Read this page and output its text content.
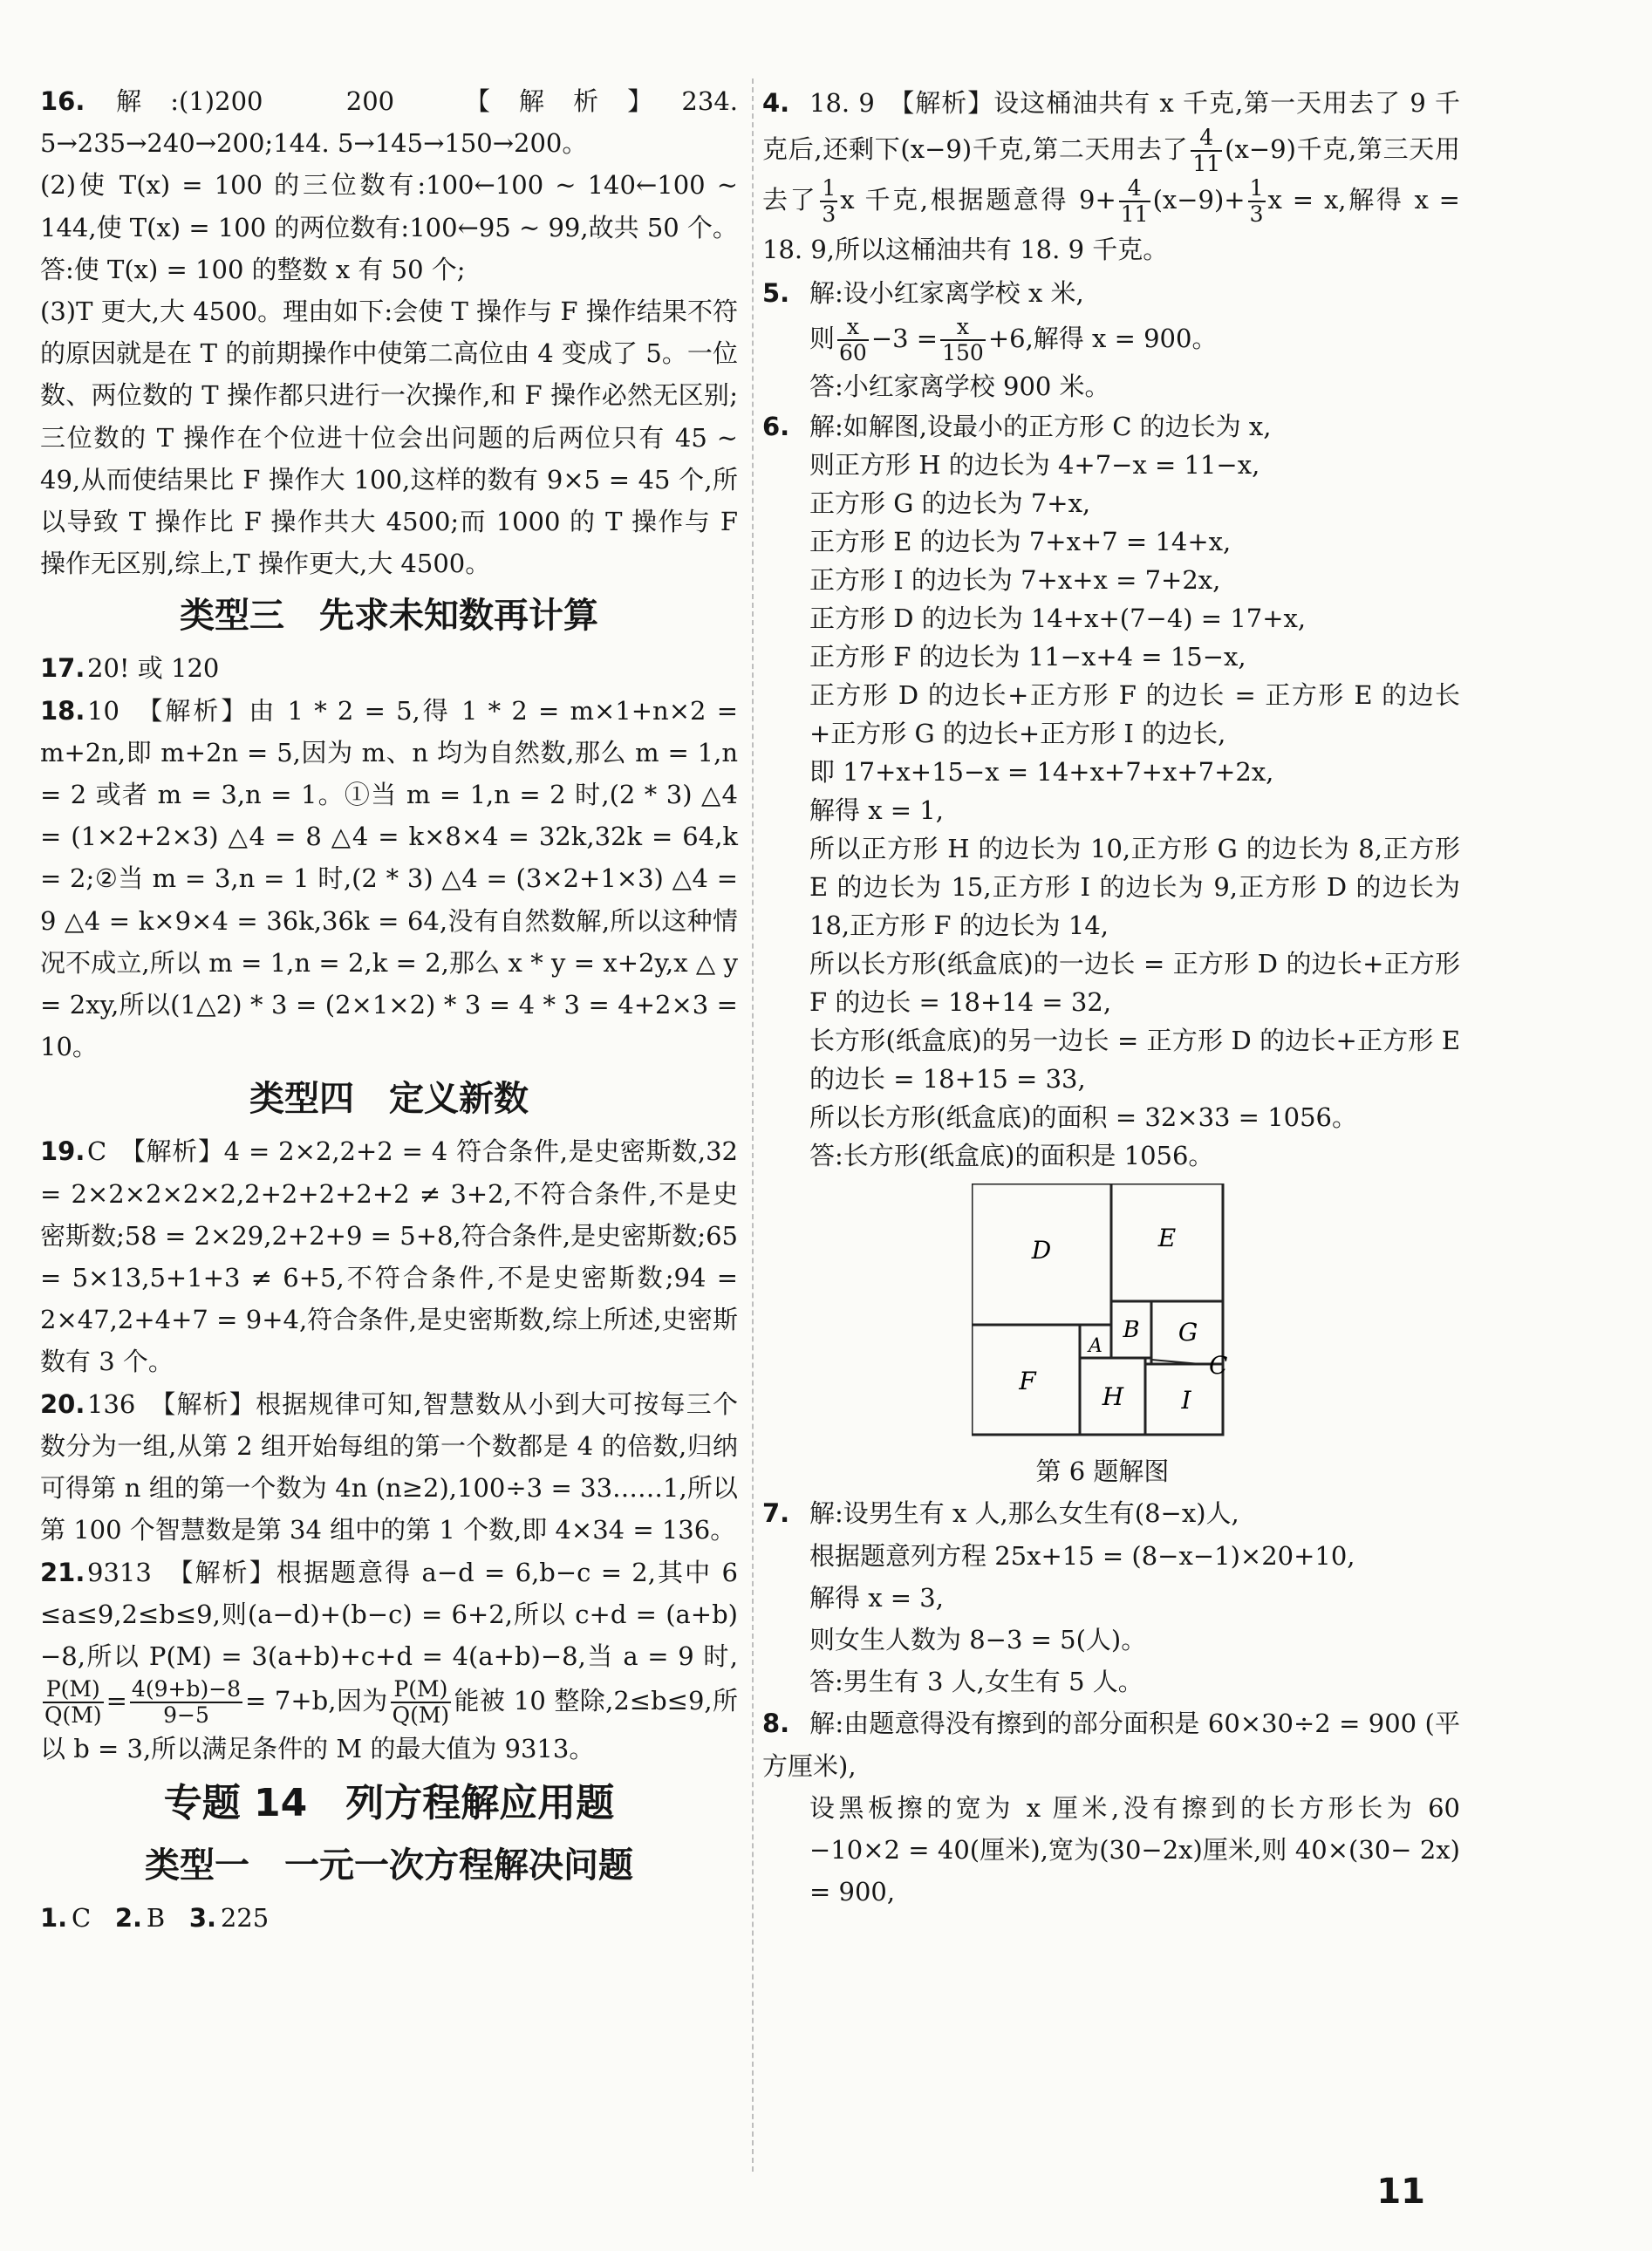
16.解:(1)200　200　【解析】234. 5→235→240→200;144. 5→145→150→200。

(2)使 T(x) = 100 的三位数有:100←100 ~ 140←100 ~ 144,使 T(x) = 100 的两位数有:100←95 ~ 99,故共 50 个。

答:使 T(x) = 100 的整数 x 有 50 个;

(3)T 更大,大 4500。理由如下:会使 T 操作与 F 操作结果不符的原因就是在 T 的前期操作中使第二高位由 4 变成了 5。一位数、两位数的 T 操作都只进行一次操作,和 F 操作必然无区别;三位数的 T 操作在个位进十位会出问题的后两位只有 45 ~ 49,从而使结果比 F 操作大 100,这样的数有 9×5 = 45 个,所以导致 T 操作比 F 操作共大 4500;而 1000 的 T 操作与 F 操作无区别,综上,T 操作更大,大 4500。

类型三　先求未知数再计算

17.20! 或 120

18.10　【解析】由 1 * 2 = 5,得 1 * 2 = m×1+n×2 = m+2n,即 m+2n = 5,因为 m、n 均为自然数,那么 m = 1,n = 2 或者 m = 3,n = 1。①当 m = 1,n = 2 时,(2 * 3) △4 = (1×2+2×3) △4 = 8 △4 = k×8×4 = 32k,32k = 64,k = 2;②当 m = 3,n = 1 时,(2 * 3) △4 = (3×2+1×3) △4 = 9 △4 = k×9×4 = 36k,36k = 64,没有自然数解,所以这种情况不成立,所以 m = 1,n = 2,k = 2,那么 x * y = x+2y,x △ y = 2xy,所以(1△2) * 3 = (2×1×2) * 3 = 4 * 3 = 4+2×3 = 10。

类型四　定义新数

19.C　【解析】4 = 2×2,2+2 = 4 符合条件,是史密斯数,32 = 2×2×2×2×2,2+2+2+2+2 ≠ 3+2,不符合条件,不是史密斯数;58 = 2×29,2+2+9 = 5+8,符合条件,是史密斯数;65 = 5×13,5+1+3 ≠ 6+5,不符合条件,不是史密斯数;94 = 2×47,2+4+7 = 9+4,符合条件,是史密斯数,综上所述,史密斯数有 3 个。

20.136　【解析】根据规律可知,智慧数从小到大可按每三个数分为一组,从第 2 组开始每组的第一个数都是 4 的倍数,归纳可得第 n 组的第一个数为 4n (n≥2),100÷3 = 33……1,所以第 100 个智慧数是第 34 组中的第 1 个数,即 4×34 = 136。

21.9313　【解析】根据题意得 a−d = 6,b−c = 2,其中 6 ≤a≤9,2≤b≤9,则(a−d)+(b−c) = 6+2,所以 c+d = (a+b)−8,所以 P(M) = 3(a+b)+c+d = 4(a+b)−8,当 a = 9 时,
$\frac{P(M)}{Q(M)} = \frac{4(9+b)-8}{9-5} = 7+b$,因为 $\frac{P(M)}{Q(M)}$ 能被 10 整除,2≤b≤9,所以 b = 3,所以满足条件的 M 的最大值为 9313。

专题 14　列方程解应用题
类型一　一元一次方程解决问题

1. C 2. B 3. 225

4. 18. 9　【解析】设这桶油共有 x 千克,第一天用去了 9 千克后,还剩下(x−9)千克,第二天用去了 $\frac{4}{11} (x-9)$千克,第三天用去了 $\frac{1}{3}$ x 千克,根据题意得 $9+ \frac{4}{11} (x-9)+ \frac{1}{3}$ x = x,解得 x = 18. 9,所以这桶油共有 18. 9 千克。

5. 解:设小红家离学校 x 米,

则 $\frac{x}{60} -3 = \frac{x}{150} +6$,解得 x = 900。

答:小红家离学校 900 米。

6. 解:如解图,设最小的正方形 C 的边长为 x,

则正方形 H 的边长为 4+7−x = 11−x,

正方形 G 的边长为 7+x,

正方形 E 的边长为 7+x+7 = 14+x,

正方形 I 的边长为 7+x+x = 7+2x,

正方形 D 的边长为 14+x+(7−4) = 17+x,

正方形 F 的边长为 11−x+4 = 15−x,

正方形 D 的边长+正方形 F 的边长 = 正方形 E 的边长+正方形 G 的边长+正方形 I 的边长,

即 17+x+15−x = 14+x+7+x+7+2x,

解得 x = 1,

所以正方形 H 的边长为 10,正方形 G 的边长为 8,正方形 E 的边长为 15,正方形 I 的边长为 9,正方形 D 的边长为 18,正方形 F 的边长为 14,

所以长方形(纸盒底)的一边长 = 正方形 D 的边长+正方形 F 的边长 = 18+14 = 32,

长方形(纸盒底)的另一边长 = 正方形 D 的边长+正方形 E 的边长 = 18+15 = 33,

所以长方形(纸盒底)的面积 = 32×33 = 1056。

答:长方形(纸盒底)的面积是 1056。

D	E
A
B G
F
H I
C
第 6 题解图

7. 解:设男生有 x 人,那么女生有(8−x)人,

根据题意列方程 25x+15 = (8−x−1)×20+10,

解得 x = 3,

则女生人数为 8−3 = 5(人)。

答:男生有 3 人,女生有 5 人。

8. 解:由题意得没有擦到的部分面积是 60×30÷2 = 900 (平方厘米),

设黑板擦的宽为 x 厘米,没有擦到的长方形长为 60 −10×2 = 40(厘米),宽为(30−2x)厘米,则 40×(30− 2x) = 900,

11
